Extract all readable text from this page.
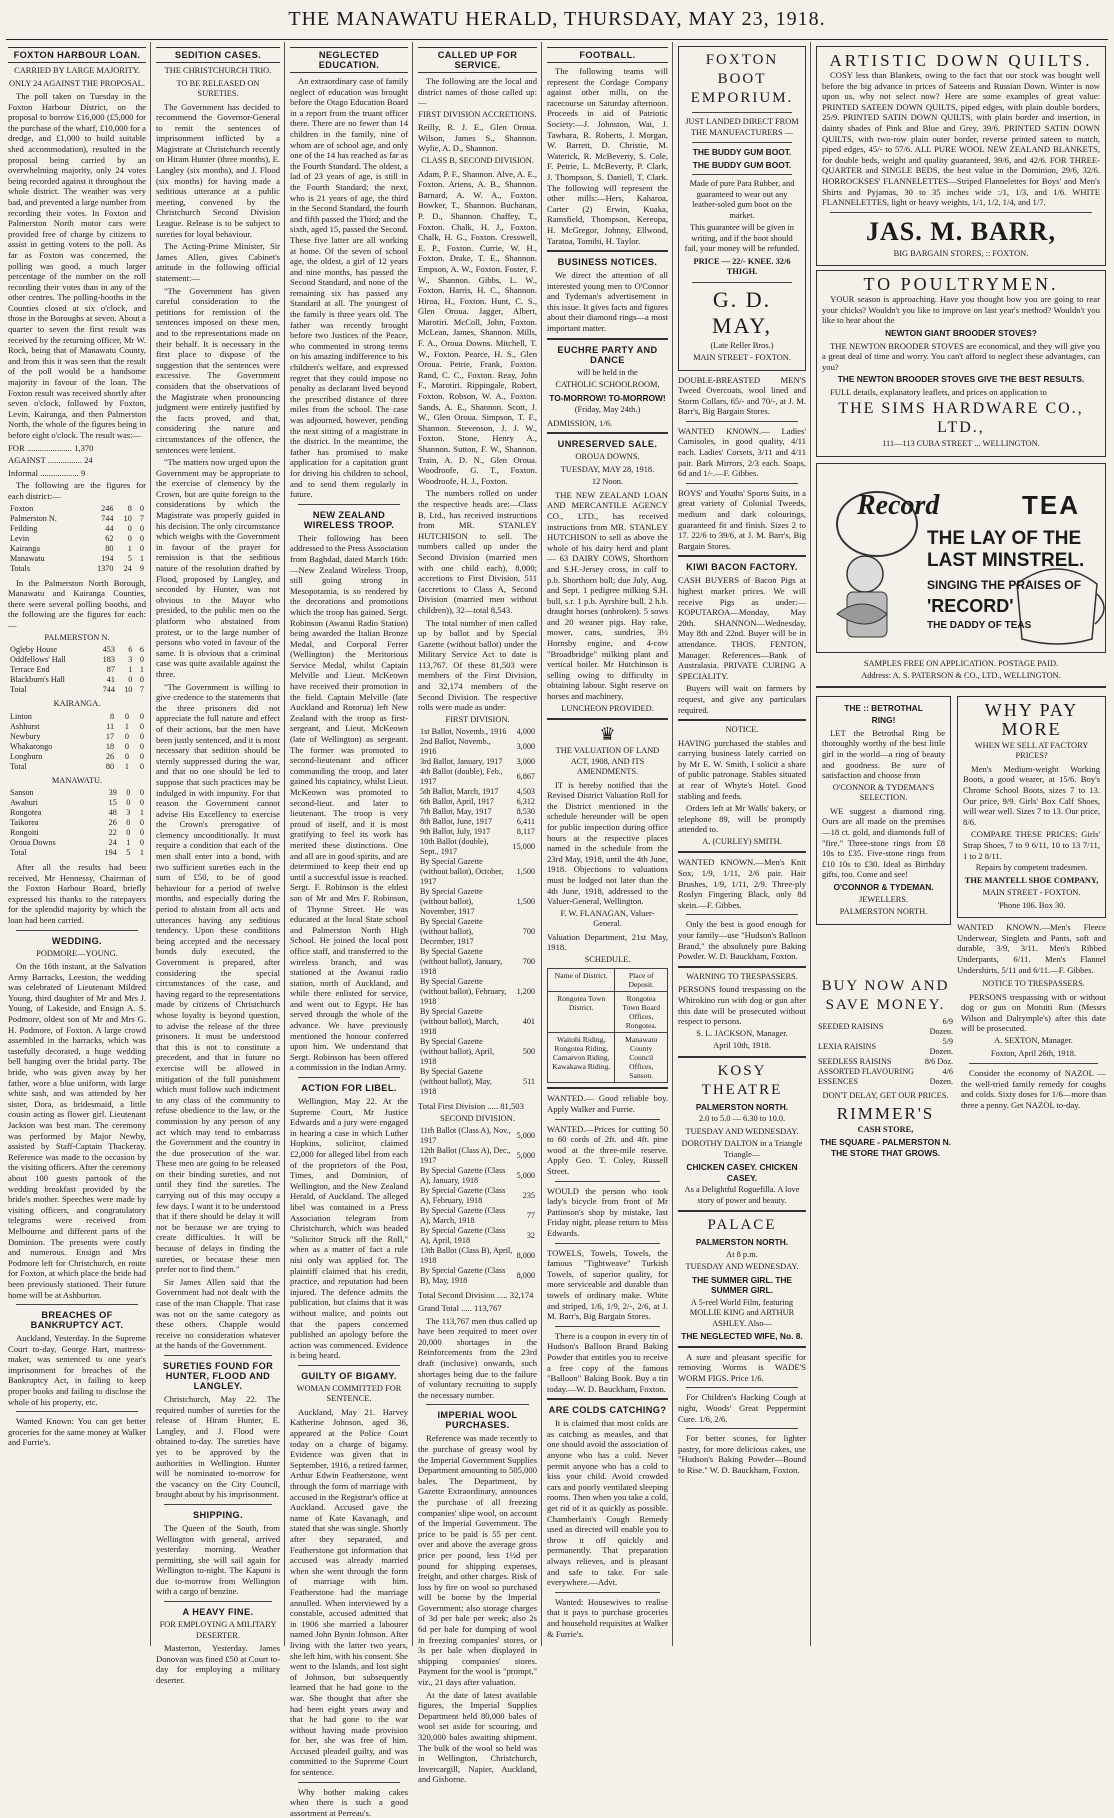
THE MANAWATU HERALD, THURSDAY, MAY 23, 1918.
FOXTON HARBOUR LOAN.
CARRIED BY LARGE MAJORITY.
ONLY 24 AGAINST THE PROPOSAL.

The poll taken on Tuesday in the Foxton Harbour District, on the proposal to borrow £16,000 (£5,000 for the purchase of the wharf, £10,000 for a dredge, and £1,000 to build suitable shed accommodation), resulted in the proposal being carried by an overwhelming majority, only 24 votes being recorded against it throughout the whole district. The weather was very bad, and prevented a large number from recording their votes. In Foxton and Palmerston North motor cars were provided free of charge by citizens to assist in getting voters to the poll. As far as Foxton was concerned, the polling was good, a much larger percentage of the number on the roll recording their votes than in any of the other centres. The polling-booths in the Counties closed at six o'clock, and those in the Boroughs at seven. About a quarter to seven the first result was received by the returning officer, Mr W. Rock, being that of Manawatu County, and from this it was seen that the result of the poll would be a handsome majority in favour of the loan. The Foxton result was received shortly after seven o'clock, followed by Foxton, Levin, Kairanga, and then Palmerston North, the whole of the figures being in before eight o'clock. The result was:—

FOR ..................... 1,370

AGAINST ................ 24

Informal .................. 9

The following are the figures for each district:—

Foxton	246	8	0
Palmerston N.	744	10	7
Feilding	44	0	0
Levin	62	0	0
Kairanga	80	1	0
Manawatu	194	5	1
Totals	1370	24	9

In the Palmerston North Borough, Manawatu and Kairanga Counties, there were several polling booths, and the following are the figures for each:—

PALMERSTON N.
Ogleby House	453	6	6
Oddfellows' Hall	183	3	0
Terrace End	87	1	1
Blackburn's Hall	41	0	0
Total	744	10	7
KAIRANGA.
Linton	8	0	0
Ashhurst	11	1	0
Newbury	17	0	0
Whakarongo	18	0	0
Longburn	26	0	0
Total	80	1	0
MANAWATU.
Sanson	39	0	0
Awahuri	15	0	0
Rongotea	48	3	1
Taikorea	26	0	0
Rongoiti	22	0	0
Oroua Downs	24	1	0
Total	194	5	1

After all the results had been received, Mr Hennessy, Chairman of the Foxton Harbour Board, briefly expressed his thanks to the ratepayers for the splendid majority by which the loan had been carried.

WEDDING.
PODMORE—YOUNG.

On the 16th instant, at the Salvation Army Barracks, Leeston, the wedding was celebrated of Lieutenant Mildred Young, third daughter of Mr and Mrs J. Young, of Lakeside, and Ensign A. S. Podmore, oldest son of Mr and Mrs G. H. Podmore, of Foxton. A large crowd assembled in the barracks, which was tastefully decorated, a huge wedding bell hanging over the bridal party. The bride, who was given away by her father, wore a blue uniform, with large white sash, and was attended by her sister, Dora, as bridesmaid, a little cousin acting as flower girl. Lieutenant Jackson was best man. The ceremony was performed by Major Newby, assisted by Staff-Captain Thackeray. Reference was made to the occasion by the visiting officers. After the ceremony about 100 guests partook of the wedding breakfast provided by the bride's mother. Speeches were made by visiting officers, and congratulatory telegrams were received from Melbourne and different parts of the Dominion. The presents were costly and numerous. Ensign and Mrs Podmore left for Christchurch, en route for Foxton, at which place the bride had been previously stationed. Their future home will be at Ashburton.

BREACHES OF BANKRUPTCY ACT.

Auckland, Yesterday. In the Supreme Court to-day, George Hart, mattress-maker, was sentenced to one year's imprisonment for breaches of the Bankruptcy Act, in failing to keep proper books and failing to disclose the whole of his property, etc.

Wanted Known: You can get better groceries for the same money at Walker and Furrie's.

SEDITION CASES.
THE CHRISTCHURCH TRIO.
TO BE RELEASED ON SURETIES.

The Government has decided to recommend the Governor-General to remit the sentences of imprisonment inflicted by a Magistrate at Christchurch recently on Hiram Hunter (three months), E. Langley (six months), and J. Flood (six months) for having made a seditious utterance at a public meeting, convened by the Christchurch Second Division League. Release is to be subject to sureties for loyal behaviour.

The Acting-Prime Minister, Sir James Allen, gives Cabinet's attitude in the following official statement:—

"The Government has given careful consideration to the petitions for remission of the sentences imposed on these men, and to the representations made on their behalf. It is necessary in the first place to dispose of the suggestion that the sentences were excessive. The Government considers that the observations of the Magistrate when pronouncing judgment were entirely justified by the facts proved, and that, considering the nature and circumstances of the offence, the sentences were lenient.

"The matters now urged upon the Government may be appropriate to the exercise of clemency by the Crown, but are quite foreign to the considerations by which the Magistrate was properly guided in his decision. The only circumstance which weighs with the Government in favour of the prayer for remission is that the seditious nature of the resolution drafted by Flood, proposed by Langley, and seconded by Hunter, was not obvious to the Mayor who presided, to the public men on the platform who abstained from protest, or to the large number of persons who voted in favour of the same. It is obvious that a criminal case was quite available against the three.

"The Government is willing to give credence to the statements that the three prisoners did not appreciate the full nature and effect of their actions, but the men have been justly sentenced, and it is most necessary that sedition should be sternly suppressed during the war, and that no one should be led to suppose that such practices may be indulged in with impunity. For that reason the Government cannot advise His Excellency to exercise the Crown's prerogative of clemency unconditionally. It must require a condition that each of the men shall enter into a bond, with two sufficient sureties each in the sum of £50, to be of good behaviour for a period of twelve months, and especially during the period to abstain from all acts and utterances having any seditious tendency. Upon these conditions being accepted and the necessary bonds duly executed, the Government is prepared, after considering the special circumstances of the case, and having regard to the representations made by citizens of Christchurch whose loyalty is beyond question, to advise the release of the three prisoners. It must be understood that this is not to constitute a precedent, and that in future no exercise will be allowed in mitigation of the full punishment which must follow such indictment to any class of the community to refuse obedience to the law, or the commission by any person of any act which may tend to embarrass the Government and the country in the due prosecution of the war. These men are going to be released on their binding sureties, and not until they find the sureties. The carrying out of this may occupy a few days. I want it to be understood that if there should be delay it will not be because we are trying to create difficulties. It will be because of delays in finding the sureties, or because these men prefer not to find them."

Sir James Allen said that the Government had not dealt with the case of the man Chapple. That case was not on the same category as these others. Chapple would receive no consideration whatever at the hands of the Government.

SURETIES FOUND FOR HUNTER, FLOOD AND LANGLEY.

Christchurch, May 22. The required number of sureties for the release of Hiram Hunter, E. Langley, and J. Flood were obtained to-day. The sureties have yet to be approved by the authorities in Wellington. Hunter will be nominated to-morrow for the vacancy on the City Council, brought about by his imprisonment.

SHIPPING.

The Queen of the South, from Wellington with general, arrived yesterday morning. Weather permitting, she will sail again for Wellington to-night. The Kapuni is due to-morrow from Wellington with a cargo of benzine.

A HEAVY FINE.
FOR EMPLOYING A MILITARY DESERTER.

Masterton, Yesterday. James Donovan was fined £50 at Court to-day for employing a military deserter.

NEGLECTED EDUCATION.

An extraordinary case of family neglect of education was brought before the Otago Education Board in a report from the truant officer there. There are no fewer than 14 children in the family, nine of whom are of school age, and only one of the 14 has reached as far as the Fourth Standard. The oldest, a lad of 23 years of age, is still in the Fourth Standard; the next, who is 21 years of age, the third in the Second Standard, the fourth and fifth passed the Third; and the sixth, aged 15, passed the Second. These five latter are all working at home. Of the seven of school age, the oldest, a girl of 12 years and nine months, has passed the Second Standard, and none of the remaining six has passed any Standard at all. The youngest of the family is three years old. The father was recently brought before two Justices of the Peace, who commented in strong terms on his amazing indifference to his children's welfare, and expressed regret that they could impose no penalty as declarant lived beyond the prescribed distance of three miles from the school. The case was adjourned, however, pending the next sitting of a magistrate in the district. In the meantime, the father has promised to make application for a capitation grant for driving his children to school, and to send them regularly in future.

NEW ZEALAND WIRELESS TROOP.

Their following has been addressed to the Press Association from Baghdad, dated March 16th:—New Zealand Wireless Troop, still going strong in Mesopotamia, is so rendered by the decorations and promotions which the troop has gained. Sergt. Robinson (Awanui Radio Station) being awarded the Italian Bronze Medal, and Corporal Ferrer (Wellington) the Meritorious Service Medal, whilst Captain Melville and Lieut. McKeown have received their promotion in the field. Captain Melville (late Auckland and Rotorua) left New Zealand with the troop as first-sergeant, and Lieut. McKeown (late of Wellington) as sergeant. The former was promoted to second-lieutenant and officer commanding the troop, and later gained his captaincy, whilst Lieut. McKeown was promoted to second-lieut. and later to lieutenant. The troop is very proud of itself, and it is most gratifying to feel its work has merited these distinctions. One and all are in good spirits, and are determined to keep their end up until a successful issue is reached. Sergt. F. Robinson is the eldest son of Mr and Mrs F. Robinson, of Thynne Street. He was educated at the local State school and Palmerston North High School. He joined the local post office staff, and transferred to the wireless branch, and was stationed at the Awanui radio station, north of Auckland, and while there enlisted for service, and went out to Egypt. He has served through the whole of the advance. We have previously mentioned the honour conferred upon him. We understand that Sergt. Robinson has been offered a commission in the Indian Army.

ACTION FOR LIBEL.

Wellington, May 22. At the Supreme Court, Mr Justice Edwards and a jury were engaged in hearing a case in which Luther Hopkins, solicitor, claimed £2,000 for alleged libel from each of the proprietors of the Post, Times, and Dominion, of Wellington, and the New Zealand Herald, of Auckland. The alleged libel was contained in a Press Association telegram from Christchurch, which was headed "Solicitor Struck off the Roll," when as a matter of fact a rule nisi only was applied for. The plaintiff claimed that his credit, practice, and reputation had been injured. The defence admits the publication, but claims that it was without malice, and points out that the papers concerned published an apology before the action was commenced. Evidence is being heard.

GUILTY OF BIGAMY.
WOMAN COMMITTED FOR SENTENCE.

Auckland, May 21. Harvey Katherine Johnson, aged 36, appeared at the Police Court today on a charge of bigamy. Evidence was given that in September, 1916, a retired farmer, Arthur Edwin Featherstone, went through the form of marriage with accused in the Registrar's office at Auckland. Accused gave the name of Kate Kavanagh, and stated that she was single. Shortly after they separated, and Featherstone got information that accused was already married when she went through the form of marriage with him. Featherstone had the marriage annulled. When interviewed by a constable, accused admitted that in 1906 she married a labourer named John Bynin Johnson. After living with the latter two years, she left him, with his consent. She went to the Islands, and lost sight of Johnson, but subsequently learned that he had gone to the war. She thought that after she had been eight years away and that he had gone to the war without having made provision for her, she was free of him. Accused pleaded guilty, and was committed to the Supreme Court for sentence.

Why bother making cakes when there is such a good assortment at Perreau's.

CALLED UP FOR SERVICE.

The following are the local and district names of those called up:—

FIRST DIVISION ACCRETIONS.

Reilly, R. J. E., Glen Oroua. Wilson, James S., Shannon. Wylie, A. D., Shannon.

CLASS B, SECOND DIVISION.

Adam, P. F., Shannon. Alve, A. E., Foxton. Ariens, A. B., Shannon. Barnard, A. W. A., Foxton. Bowker, T., Shannon. Buchanan, P. D., Shannon. Chaffey, T., Foxton. Chalk, H. J., Foxton. Chalk, H. G., Foxton. Cresswell, E. P., Foxton. Currie, W. H., Foxton. Drake, T. E., Shannon. Empson, A. W., Foxton. Foster, F. W., Shannon. Gibbs, L. W., Foxton. Harris, H. C., Shannon. Hiroa, H., Foxton. Hunt, C. S., Glen Oroua. Jagger, Albert, Marotiri. McColl, John, Foxton. McLean, James, Shannon. Mills, F. A., Oroua Downs. Mitchell, T. W., Foxton. Pearce, H. S., Glen Oroua. Petrie, Frank, Foxton. Rand, C. C., Foxton. Reay, John F., Marotiri. Rippingale, Robert, Foxton. Robson, W. A., Foxton. Sands, A. E., Shannon. Scott, J. W., Glen Oroua. Simpson, T. F., Shannon. Stevenson, J. J. W., Foxton. Stone, Henry A., Shannon. Sutton, F. W., Shannon. Train, A. D. N., Glen Oroua. Woodroofe, G. T., Foxton. Woodroofe, H. J., Foxton.

The numbers rolled on under the respective heads are:—Class B, Ltd., has received instructions from MR. STANLEY HUTCHISON to sell. The numbers called up under the Second Division (married men with one child each), 8,000; accretions to First Division, 511 (accretions to Class A, Second Division (married men without children)), 32—total 8,543.

The total number of men called up by ballot and by Special Gazette (without ballot) under the Military Service Act to date is 113,767. Of these 81,503 were members of the First Division, and 32,174 members of the Second Division. The respective rolls were made as under:

FIRST DIVISION.
1st Ballot, Novemb., 1916	4,000
2nd Ballot, Novemb., 1916	3,000
3rd Ballot, January, 1917	3,000
4th Ballot (double), Feb., 1917	6,867
5th Ballot, March, 1917	4,503
6th Ballot, April, 1917	6,312
7th Ballot, May, 1917	8,530
8th Ballot, June, 1917	6,411
9th Ballot, July, 1917	8,117
10th Ballot (double), Sept., 1917	15,000
By Special Gazette (without ballot), October, 1917	1,500
By Special Gazette (without ballot), November, 1917	1,500
By Special Gazette (without ballot), December, 1917	700
By Special Gazette (without ballot), January, 1918	700
By Special Gazette (without ballot), February, 1918	1,200
By Special Gazette (without ballot), March, 1918	401
By Special Gazette (without ballot), April, 1918	500
By Special Gazette (without ballot), May, 1918	511

Total First Division ..... 81,503

SECOND DIVISION.
11th Ballot (Class A), Nov., 1917	5,000
12th Ballot (Class A), Dec., 1917	5,000
By Special Gazette (Class A), January, 1918	5,000
By Special Gazette (Class A), February, 1918	235
By Special Gazette (Class A), March, 1918	77
By Special Gazette (Class A), April, 1918	32
13th Ballot (Class B), April, 1918	8,000
By Special Gazette (Class B), May, 1918	8,000

Total Second Division ..... 32,174

Grand Total ..... 113,767

The 113,767 men thus called up have been required to meet over 20,000 shortages in the Reinforcements from the 23rd draft (inclusive) onwards, such shortages being due to the failure of voluntary recruiting to supply the necessary number.

IMPERIAL WOOL PURCHASES.

Reference was made recently to the purchase of greasy wool by the Imperial Government Supplies Department amounting to 505,000 bales. The Department, by Gazette Extraordinary, announces the purchase of all freezing companies' slipe wool, on account of the Imperial Government. The price to be paid is 55 per cent. over and above the average gross price per pound, less 1½d per pound for shipping expenses, freight, and other charges. Risk of loss by fire on wool so purchased will be borne by the Imperial Government; also storage charges of 3d per bale per week; also 2s 6d per bale for dumping of wool in freezing companies' stores, or 3s per bale when displayed in shipping companies' stores. Payment for the wool is "prompt," viz., 21 days after valuation.

At the date of latest available figures, the Imperial Supplies Department held 80,000 bales of wool set aside for scouring, and 320,000 bales awaiting shipment. The bulk of the wool so held was in Wellington, Christchurch, Invercargill, Napier, Auckland, and Gisborne.

FOOTBALL.

The following teams will represent the Cordage Company against other mills, on the racecourse on Saturday afternoon. Proceeds in aid of Patriotic Society:—J. Johnston, Wai, J. Tawhara, R. Roberts, J. Morgan, W. Barrett, D. Christie, M. Waterick, R. McBeverty, S. Cole, F. Petrie, L. McBeverty, P. Clark, J. Thompson, S. Daniell, T. Clark. The following will represent the other mills:—Hers, Kaharoa, Carter (2) Erwin, Kuaka, Ramsfield, Thompson, Kereopa, H. McGregor, Johnny, Ellwood, Taratoa, Tomihi, H. Taylor.

BUSINESS NOTICES.

We direct the attention of all interested young men to O'Connor and Tydeman's advertisement in this issue. It gives facts and figures about their diamond rings—a most important matter.

EUCHRE PARTY AND DANCE
will be held in the
CATHOLIC SCHOOLROOM,
TO-MORROW! TO-MORROW!
(Friday, May 24th.)

ADMISSION, 1/6.

UNRESERVED SALE.
OROUA DOWNS.
TUESDAY, MAY 28, 1918.
12 Noon.

THE NEW ZEALAND LOAN AND MERCANTILE AGENCY CO., LTD., has received instructions from MR. STANLEY HUTCHISON to sell as above the whole of his dairy herd and plant— 63 DAIRY COWS, Shorthorn and S.H.-Jersey cross, in calf to p.b. Shorthorn bull; due July, Aug. and Sept. 1 pedigree milking S.H. bull, s.r. 1 p.b. Ayrshire bull. 2 h.b. draught horses (unbroken). 5 sows and 20 weaner pigs. Hay rake, mower, cans, sundries, 3½ Hornsby engine, and 4-cow "Broadbridge" milking plant and vertical boiler. Mr Hutchinson is selling owing to difficulty in obtaining labour. Sight reserve on horses and machinery.

LUNCHEON PROVIDED.
♛
THE VALUATION OF LAND ACT, 1908, AND ITS AMENDMENTS.

IT is hereby notified that the Revised District Valuation Roll for the District mentioned in the schedule hereunder will be open for public inspection during office hours at the respective places named in the schedule from the 23rd May, 1918, until the 4th June, 1918. Objections to valuations must be lodged not later than the 4th June, 1918, addressed to the Valuer-General, Wellington.

F. W. FLANAGAN, Valuer-General.

Valuation Department, 21st May, 1918.

SCHEDULE.
Name of District.	Place of Deposit.
Rongotea Town District.	Rongotea Town Board Offices, Rongotea.
Waitohi Riding, Rongotea Riding, Carnarvon Riding, Kawakawa Riding.	Manawatu County Council Offices, Sanson.

WANTED.— Good reliable boy. Apply Walker and Furrie.

WANTED.—Prices for cutting 50 to 60 cords of 2ft. and 4ft. pine wood at the three-mile reserve. Apply Geo. T. Coley, Russell Street.

WOULD the person who took lady's bicycle from front of Mr Pattinson's shop by mistake, last Friday night, please return to Miss Edwards.

TOWELS, Towels, Towels, the famous "Tightweave" Turkish Towels, of superior quality, for more serviceable and durable than towels of ordinary make. White and striped, 1/6, 1/9, 2/-, 2/6, at J. M. Barr's, Big Bargain Stores.

There is a coupon in every tin of Hudson's Balloon Brand Baking Powder that entitles you to receive a free copy of the famous "Balloon" Baking Book. Buy a tin today.—W. D. Bauckham, Foxton.

ARE COLDS CATCHING?

It is claimed that most colds are as catching as measles, and that one should avoid the association of anyone who has a cold. Never permit anyone who has a cold to kiss your child. Avoid crowded cars and poorly ventilated sleeping rooms. Then when you take a cold, get rid of it as quickly as possible. Chamberlain's Cough Remedy used as directed will enable you to throw it off quickly and permanently. That preparation always relieves, and is pleasant and safe to take. For sale everywhere.—Advt.

Wanted: Housewives to realise that it pays to purchase groceries and household requisites at Walker & Furrie's.

FOXTON BOOT
EMPORIUM.
JUST LANDED DIRECT FROM THE MANUFACTURERS —
THE BUDDY GUM BOOT.
THE BUDDY GUM BOOT.
Made of pure Para Rubber, and guaranteed to wear out any leather-soled gum boot on the market.
This guarantee will be given in writing, and if the boot should fail, your money will be refunded.
PRICE — 22/- KNEE. 32/6 THIGH.
G. D. MAY,
(Late Reller Bros.)
MAIN STREET - FOXTON.

DOUBLE-BREASTED MEN'S Tweed Overcoats, wool lined and Storm Collars, 65/- and 70/-, at J. M. Barr's, Big Bargain Stores.

WANTED KNOWN.— Ladies' Camisoles, in good quality, 4/11 each. Ladies' Corsets, 3/11 and 4/11 pair. Bark Mirrors, 2/3 each. Soaps, 6d and 1/-.—F. Gibbes.

BOYS' and Youths' Sports Suits, in a great variety of Colonial Tweeds, medium and dark colourings, guaranteed fit and finish. Sizes 2 to 17. 22/6 to 39/6, at J. M. Barr's, Big Bargain Stores.

KIWI BACON FACTORY.

CASH BUYERS of Bacon Pigs at highest market prices. We will receive Pigs as under:—KOPUTAROA—Monday, May 20th. SHANNON—Wednesday, May 8th and 22nd. Buyer will be in attendance. THOS. FENTON, Manager. References—Bank of Australasia. PRIVATE CURING A SPECIALITY.

Buyers will wait on farmers by request, and give any particulars required.

NOTICE.

HAVING purchased the stables and carrying business lately carried on by Mr E. W. Smith, I solicit a share of public patronage. Stables situated at rear of Whyte's Hotel. Good stabling and feeds.

Orders left at Mr Walls' bakery, or telephone 89, will be promptly attended to.

A. (CURLEY) SMITH.

WANTED KNOWN.—Men's Knit Sox, 1/9, 1/11, 2/6 pair. Hair Brushes, 1/9, 1/11, 2/9. Three-ply Roslyn Fingering Black, only 8d skein.—F. Gibbes.

Only the best is good enough for your family—use "Hudson's Balloon Brand," the absolutely pure Baking Powder. W. D. Bauckham, Foxton.

WARNING TO TRESPASSERS.

PERSONS found trespassing on the Whirokino run with dog or gun after this date will be prosecuted without respect to persons.

S. L. JACKSON, Manager.
April 10th, 1918.
KOSY THEATRE
PALMERSTON NORTH.
2.0 to 5.0 — 6.30 to 10.0.
TUESDAY AND WEDNESDAY.
DOROTHY DALTON in a Triangle Triangle—
CHICKEN CASEY. CHICKEN CASEY.
As a Delightful Roguefilla. A love story of power and beauty.
PALACE
PALMERSTON NORTH.
At 8 p.m.
TUESDAY AND WEDNESDAY.
THE SUMMER GIRL. THE SUMMER GIRL.
A 5-reel World Film, featuring MOLLIE KING and ARTHUR ASHLEY. Also—
THE NEGLECTED WIFE, No. 8.

A sure and pleasant specific for removing Worms is WADE'S WORM FIGS. Price 1/6.

For Children's Hacking Cough at night, Woods' Great Peppermint Cure. 1/6, 2/6.

For better scones, for lighter pastry, for more delicious cakes, use "Hudson's Baking Powder—Bound to Rise." W. D. Bauckham, Foxton.

ARTISTIC DOWN QUILTS.

COSY less than Blankets, owing to the fact that our stock was bought well before the big advance in prices of Sateens and Russian Down. Winter is now upon us, why not select now? Here are some examples of great value: PRINTED SATEEN DOWN QUILTS, piped edges, with plain double borders, 25/9. PRINTED SATIN DOWN QUILTS, with plain border and insertion, in dainty shades of Pink and Blue and Grey, 39/6. PRINTED SATIN DOWN QUILTS, with two-row plain outer border, reverse printed sateen to match, piped edges, 45/- to 57/6. ALL PURE WOOL NEW ZEALAND BLANKETS, for double beds, weight and quality guaranteed, 39/6, and 42/6. FOR THREE-QUARTER and SINGLE BEDS, the best value in the Dominion, 29/6, 32/6. HORROCKSES' FLANNELETTES—Striped Flannelettes for Boys' and Men's Shirts and Pyjamas, 30 to 35 inches wide :/1, 1/3, and 1/6. WHITE FLANNELETTES, light or heavy weights, 1/1, 1/2, 1/4, and 1/7.

JAS. M. BARR,
BIG BARGAIN STORES, :: FOXTON.
TO POULTRYMEN.

YOUR season is approaching. Have you thought how you are going to rear your chicks? Wouldn't you like to improve on last year's method? Wouldn't you like to hear about the

NEWTON GIANT BROODER STOVES?

THE NEWTON BROODER STOVES are economical, and they will give you a great deal of time and worry. You can't afford to neglect these advantages, can you?

THE NEWTON BROODER STOVES GIVE THE BEST RESULTS.

FULL details, explanatory leaflets, and prices on application to

THE SIMS HARDWARE CO., LTD.,
111—113 CUBA STREET ... WELLINGTON.
Record	TEA
THE LAY OF THE LAST MINSTREL.
SINGING THE PRAISES OF
'RECORD'
THE DADDY OF TEAS
SAMPLES FREE ON APPLICATION. POSTAGE PAID.
Address: A. S. PATERSON & CO., LTD., WELLINGTON.
THE :: BETROTHAL
RING!

LET the Betrothal Ring be thoroughly worthy of the best little girl in the world—a ring of beauty and goodness. Be sure of satisfaction and choose from

O'CONNOR & TYDEMAN'S SELECTION.

WE suggest a diamond ring. Ours are all made on the premises—18 ct. gold, and diamonds full of "fire." Three-stone rings from £8 10s to £35. Five-stone rings from £10 10s to £30. Ideal as Birthday gifts, too. Come and see!

O'CONNOR & TYDEMAN.
JEWELLERS.
PALMERSTON NORTH.
WHY PAY
MORE
WHEN WE SELL AT FACTORY PRICES?

Men's Medium-weight Working Boots, a good wearer, at 15/6. Boy's Chrome School Boots, sizes 7 to 13. Our price, 9/9. Girls' Box Calf Shoes, will wear well. Sizes 7 to 13. Our price, 8/6.

COMPARE THESE PRICES: Girls' Strap Shoes, 7 to 9 6/11, 10 to 13 7/11, 1 to 2 8/11.

Repairs by competent tradesmen.
THE MANTELL SHOE COMPANY,
MAIN STREET - FOXTON.
'Phone 106. Box 30.

WANTED KNOWN.—Men's Fleece Underwear, Singlets and Pants, soft and durable, 3/9, 3/11. Men's Ribbed Underpants, 6/11. Men's Flannel Undershirts, 5/11 and 6/11.—F. Gibbes.

BUY NOW AND SAVE MONEY.
SEEDED RAISINS	6/9 Dozen.
LEXIA RAISINS	5/9 Dozen.
SEEDLESS RAISINS	8/6 Doz.
ASSORTED FLAVOURING ESSENCES	4/6 Dozen.
DON'T DELAY, GET OUR PRICES.
RIMMER'S
CASH STORE,
THE SQUARE - PALMERSTON N. THE STORE THAT GROWS.
NOTICE TO TRESPASSERS.

PERSONS trespassing with or without dog or gun on Motuiti Run (Messrs Wilson and Dalrymple's) after this date will be prosecuted.

A. SEXTON, Manager.
Foxton, April 26th, 1918.

Consider the economy of NAZOL —the well-tried family remedy for coughs and colds. Sixty doses for 1/6—more than three a penny. Get NAZOL to-day.
